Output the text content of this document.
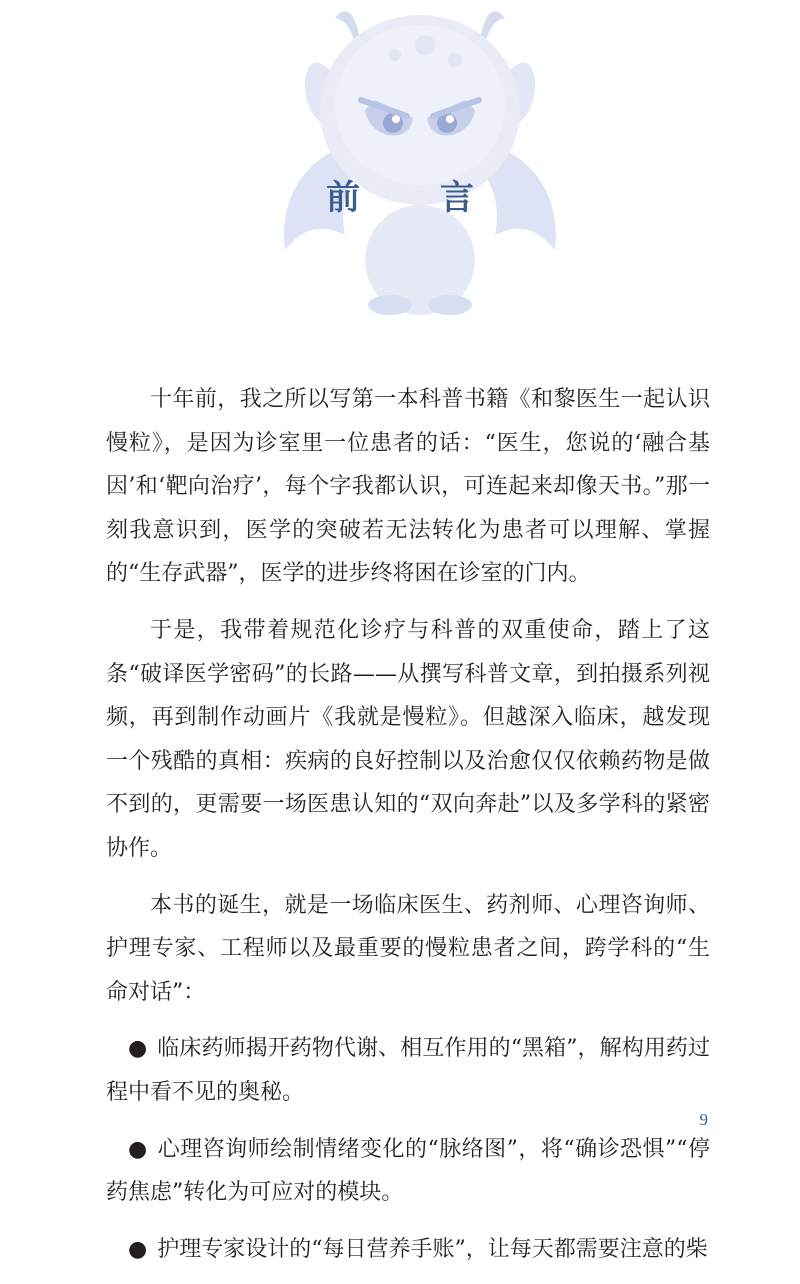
前 言

十年前，我之所以写第一本科普书籍《和黎医生一起认识慢粒》，是因为诊室里一位患者的话：“医生，您说的‘融合基因’和‘靶向治疗’，每个字我都认识，可连起来却像天书。”那一刻我意识到，医学的突破若无法转化为患者可以理解、掌握的“生存武器”，医学的进步终将困在诊室的门内。

于是，我带着规范化诊疗与科普的双重使命，踏上了这条“破译医学密码”的长路——从撰写科普文章，到拍摄系列视频，再到制作动画片《我就是慢粒》。但越深入临床，越发现一个残酷的真相：疾病的良好控制以及治愈仅仅依赖药物是做不到的，更需要一场医患认知的“双向奔赴”以及多学科的紧密协作。

本书的诞生，就是一场临床医生、药剂师、心理咨询师、护理专家、工程师以及最重要的慢粒患者之间，跨学科的“生命对话”：

● 临床药师揭开药物代谢、相互作用的“黑箱”，解构用药过程中看不见的奥秘。

● 心理咨询师绘制情绪变化的“脉络图”，将“确诊恐惧”“停药焦虑”转化为可应对的模块。

● 护理专家设计的“每日营养手账”，让每天都需要注意的柴

9
